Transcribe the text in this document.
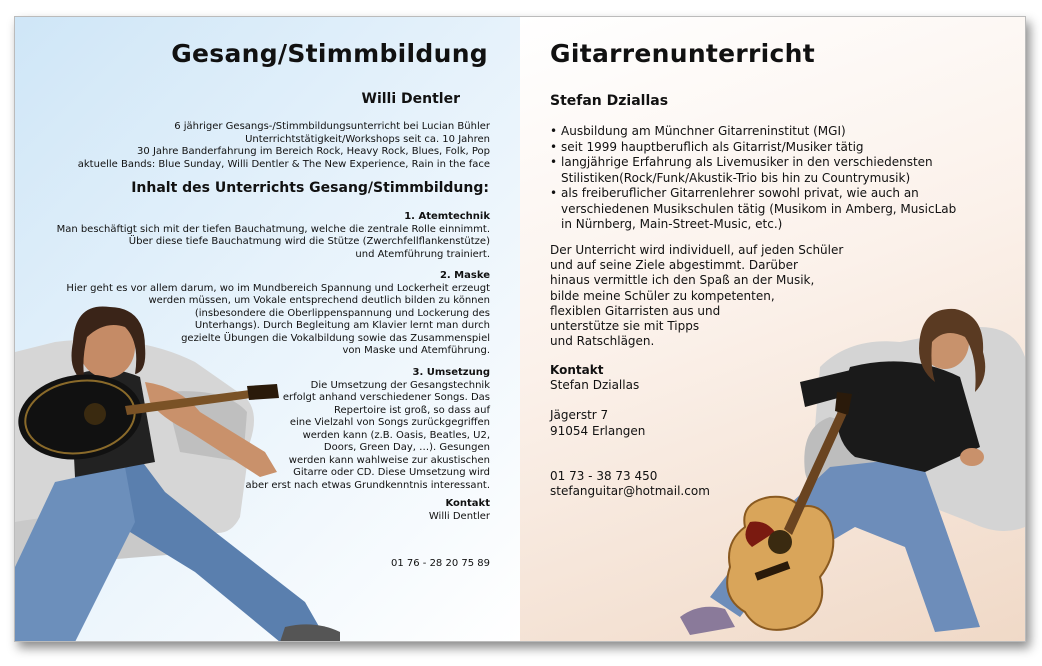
Gesang/Stimmbildung
Willi Dentler
6 jähriger Gesangs-/Stimmbildungsunterricht bei Lucian Bühler
Unterrichtstätigkeit/Workshops seit ca. 10 Jahren
30 Jahre Banderfahrung im Bereich Rock, Heavy Rock, Blues, Folk, Pop
aktuelle Bands: Blue Sunday, Willi Dentler & The New Experience, Rain in the face
Inhalt des Unterrichts Gesang/Stimmbildung:
1. Atemtechnik
Man beschäftigt sich mit der tiefen Bauchatmung, welche die zentrale Rolle einnimmt.
Über diese tiefe Bauchatmung wird die Stütze (Zwerchfellflankenstütze)
und Atemführung trainiert.
2. Maske
Hier geht es vor allem darum, wo im Mundbereich Spannung und Lockerheit erzeugt
werden müssen, um Vokale entsprechend deutlich bilden zu können
(insbesondere die Oberlippenspannung und Lockerung des
Unterhangs). Durch Begleitung am Klavier lernt man durch
gezielte Übungen die Vokalbildung sowie das Zusammenspiel
von Maske und Atemführung.
3. Umsetzung
Die Umsetzung der Gesangstechnik
erfolgt anhand verschiedener Songs. Das
Repertoire ist groß, so dass auf
eine Vielzahl von Songs zurückgegriffen
werden kann (z.B. Oasis, Beatles, U2,
Doors, Green Day, …). Gesungen
werden kann wahlweise zur akustischen
Gitarre oder CD. Diese Umsetzung wird
aber erst nach etwas Grundkenntnis interessant.
Kontakt
Willi Dentler
01 76 - 28 20 75 89
Gitarrenunterricht
Stefan Dziallas
• Ausbildung am Münchner Gitarreninstitut (MGI)
• seit 1999 hauptberuflich als Gitarrist/Musiker tätig
• langjährige Erfahrung als Livemusiker in den verschiedensten
Stilistiken(Rock/Funk/Akustik-Trio bis hin zu Countrymusik)
• als freiberuflicher Gitarrenlehrer sowohl privat, wie auch an
verschiedenen Musikschulen tätig (Musikom in Amberg, MusicLab
in Nürnberg, Main-Street-Music, etc.)
Der Unterricht wird individuell, auf jeden Schüler
und auf seine Ziele abgestimmt. Darüber
hinaus vermittle ich den Spaß an der Musik,
bilde meine Schüler zu kompetenten,
flexiblen Gitarristen aus und
unterstütze sie mit Tipps
und Ratschlägen.
Kontakt
Stefan Dziallas
Jägerstr 7
91054 Erlangen
01 73 - 38 73 450
stefanguitar@hotmail.com
